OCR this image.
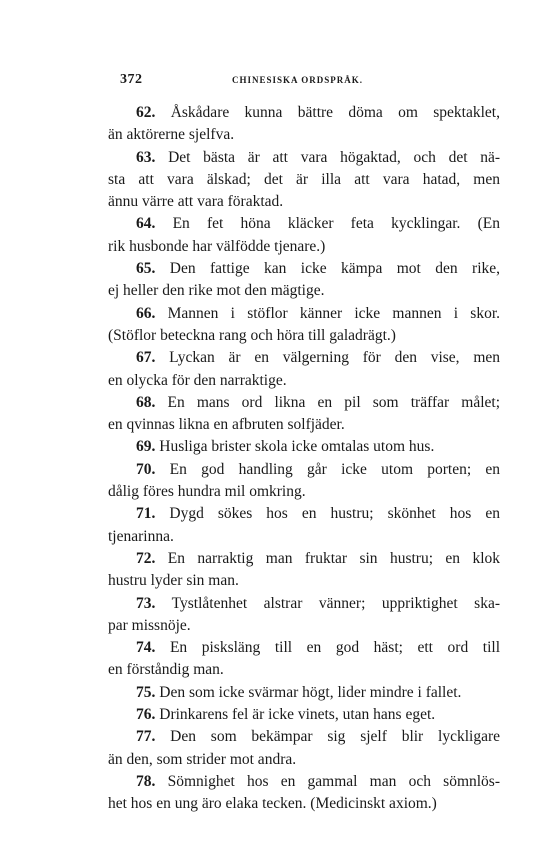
372	CHINESISKA ORDSPRÅK.

62. Åskådare kunna bättre döma om spektaklet,
än aktörerne sjelfva.

63. Det bästa är att vara högaktad, och det nä-
sta att vara älskad; det är illa att vara hatad, men
ännu värre att vara föraktad.

64. En fet höna kläcker feta kycklingar. (En
rik husbonde har välfödde tjenare.)

65. Den fattige kan icke kämpa mot den rike,
ej heller den rike mot den mägtige.

66. Mannen i stöflor känner icke mannen i skor.
(Stöflor beteckna rang och höra till galadrägt.)

67. Lyckan är en välgerning för den vise, men
en olycka för den narraktige.

68. En mans ord likna en pil som träffar målet;
en qvinnas likna en afbruten solfjäder.

69. Husliga brister skola icke omtalas utom hus.

70. En god handling går icke utom porten; en
dålig föres hundra mil omkring.

71. Dygd sökes hos en hustru; skönhet hos en
tjenarinna.

72. En narraktig man fruktar sin hustru; en klok
hustru lyder sin man.

73. Tystlåtenhet alstrar vänner; uppriktighet ska-
par missnöje.

74. En pisksläng till en god häst; ett ord till
en förståndig man.

75. Den som icke svärmar högt, lider mindre i fallet.

76. Drinkarens fel är icke vinets, utan hans eget.

77. Den som bekämpar sig sjelf blir lyckligare
än den, som strider mot andra.

78. Sömnighet hos en gammal man och sömnlös-
het hos en ung äro elaka tecken. (Medicinskt axiom.)
